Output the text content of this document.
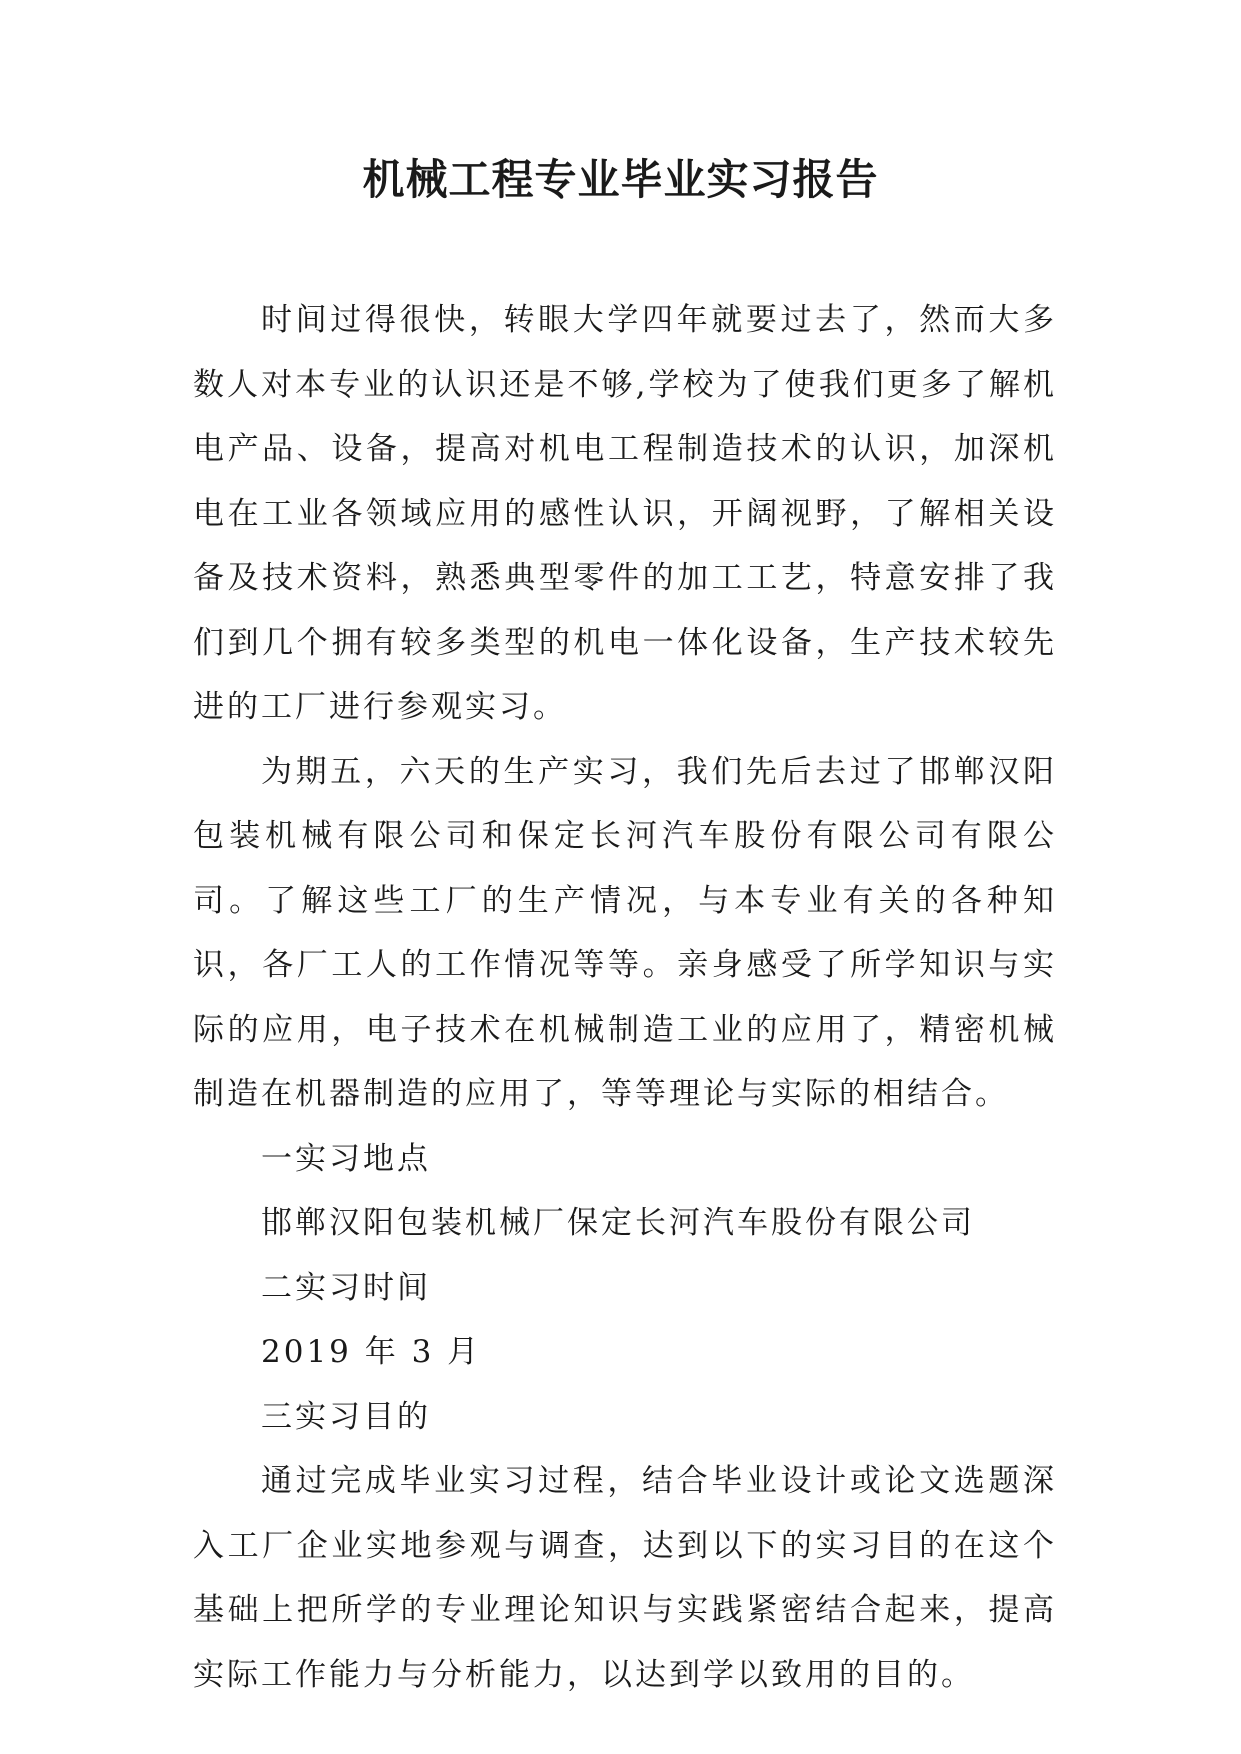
机械工程专业毕业实习报告

时间过得很快，转眼大学四年就要过去了，然而大多数人对本专业的认识还是不够,学校为了使我们更多了解机电产品、设备，提高对机电工程制造技术的认识，加深机电在工业各领域应用的感性认识，开阔视野，了解相关设备及技术资料，熟悉典型零件的加工工艺，特意安排了我们到几个拥有较多类型的机电一体化设备，生产技术较先进的工厂进行参观实习。

为期五，六天的生产实习，我们先后去过了邯郸汉阳包装机械有限公司和保定长河汽车股份有限公司有限公司。了解这些工厂的生产情况，与本专业有关的各种知识，各厂工人的工作情况等等。亲身感受了所学知识与实际的应用，电子技术在机械制造工业的应用了，精密机械制造在机器制造的应用了，等等理论与实际的相结合。

一实习地点

邯郸汉阳包装机械厂保定长河汽车股份有限公司

二实习时间

2019 年 3 月

三实习目的

通过完成毕业实习过程，结合毕业设计或论文选题深入工厂企业实地参观与调查，达到以下的实习目的在这个基础上把所学的专业理论知识与实践紧密结合起来，提高实际工作能力与分析能力，以达到学以致用的目的。
